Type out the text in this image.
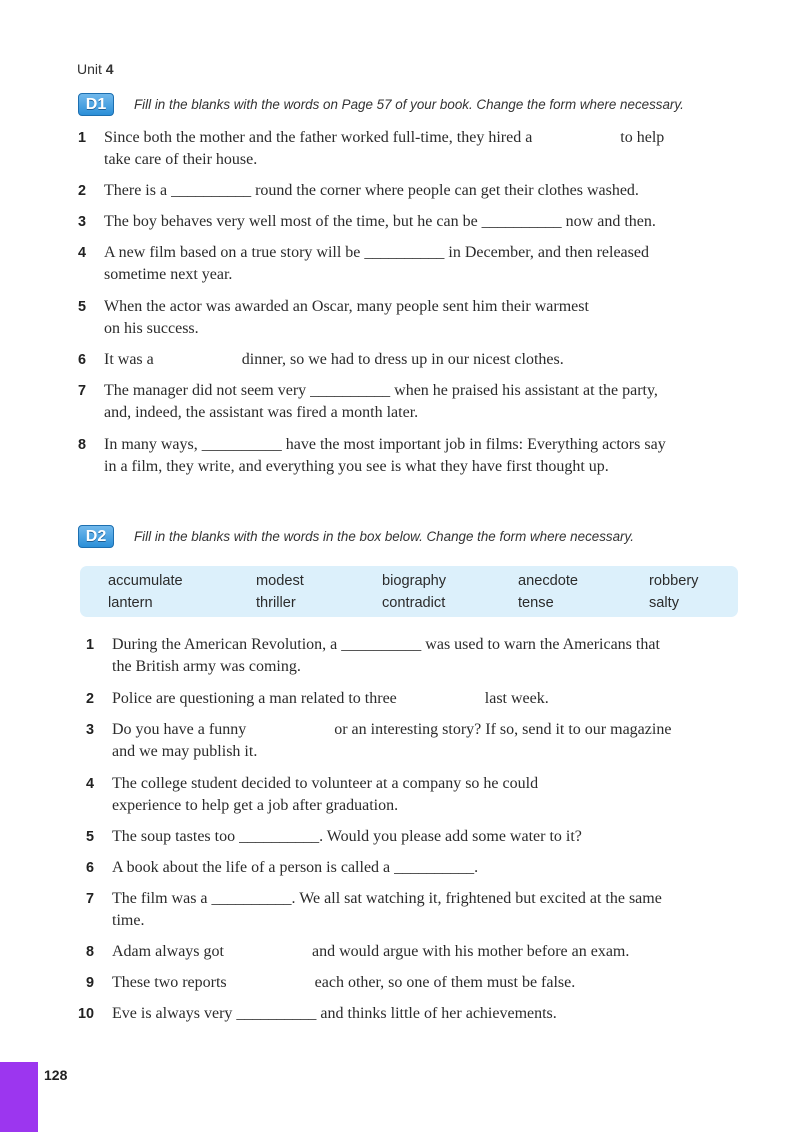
Unit 4
D1	Fill in the blanks with the words on Page 57 of your book. Change the form where necessary.
1 Since both the mother and the father worked full-time, they hired a                      to help
take care of their house.
2 There is a __________ round the corner where people can get their clothes washed.
3 The boy behaves very well most of the time, but he can be __________ now and then.
4 A new film based on a true story will be __________ in December, and then released
sometime next year.
5 When the actor was awarded an Oscar, many people sent him their warmest
on his success.
6 It was a                      dinner, so we had to dress up in our nicest clothes.
7 The manager did not seem very __________ when he praised his assistant at the party,
and, indeed, the assistant was fired a month later.
8 In many ways, __________ have the most important job in films: Everything actors say
in a film, they write, and everything you see is what they have first thought up.
D2	Fill in the blanks with the words in the box below. Change the form where necessary.
accumulate	modest	biography	anecdote	robbery
lantern	thriller	contradict	tense	salty
1 During the American Revolution, a __________ was used to warn the Americans that
the British army was coming.
2 Police are questioning a man related to three                      last week.
3 Do you have a funny                      or an interesting story? If so, send it to our magazine
and we may publish it.
4 The college student decided to volunteer at a company so he could
experience to help get a job after graduation.
5 The soup tastes too __________. Would you please add some water to it?
6 A book about the life of a person is called a __________.
7 The film was a __________. We all sat watching it, frightened but excited at the same
time.
8 Adam always got                      and would argue with his mother before an exam.
9 These two reports                      each other, so one of them must be false.
10 Eve is always very __________ and thinks little of her achievements.
128
